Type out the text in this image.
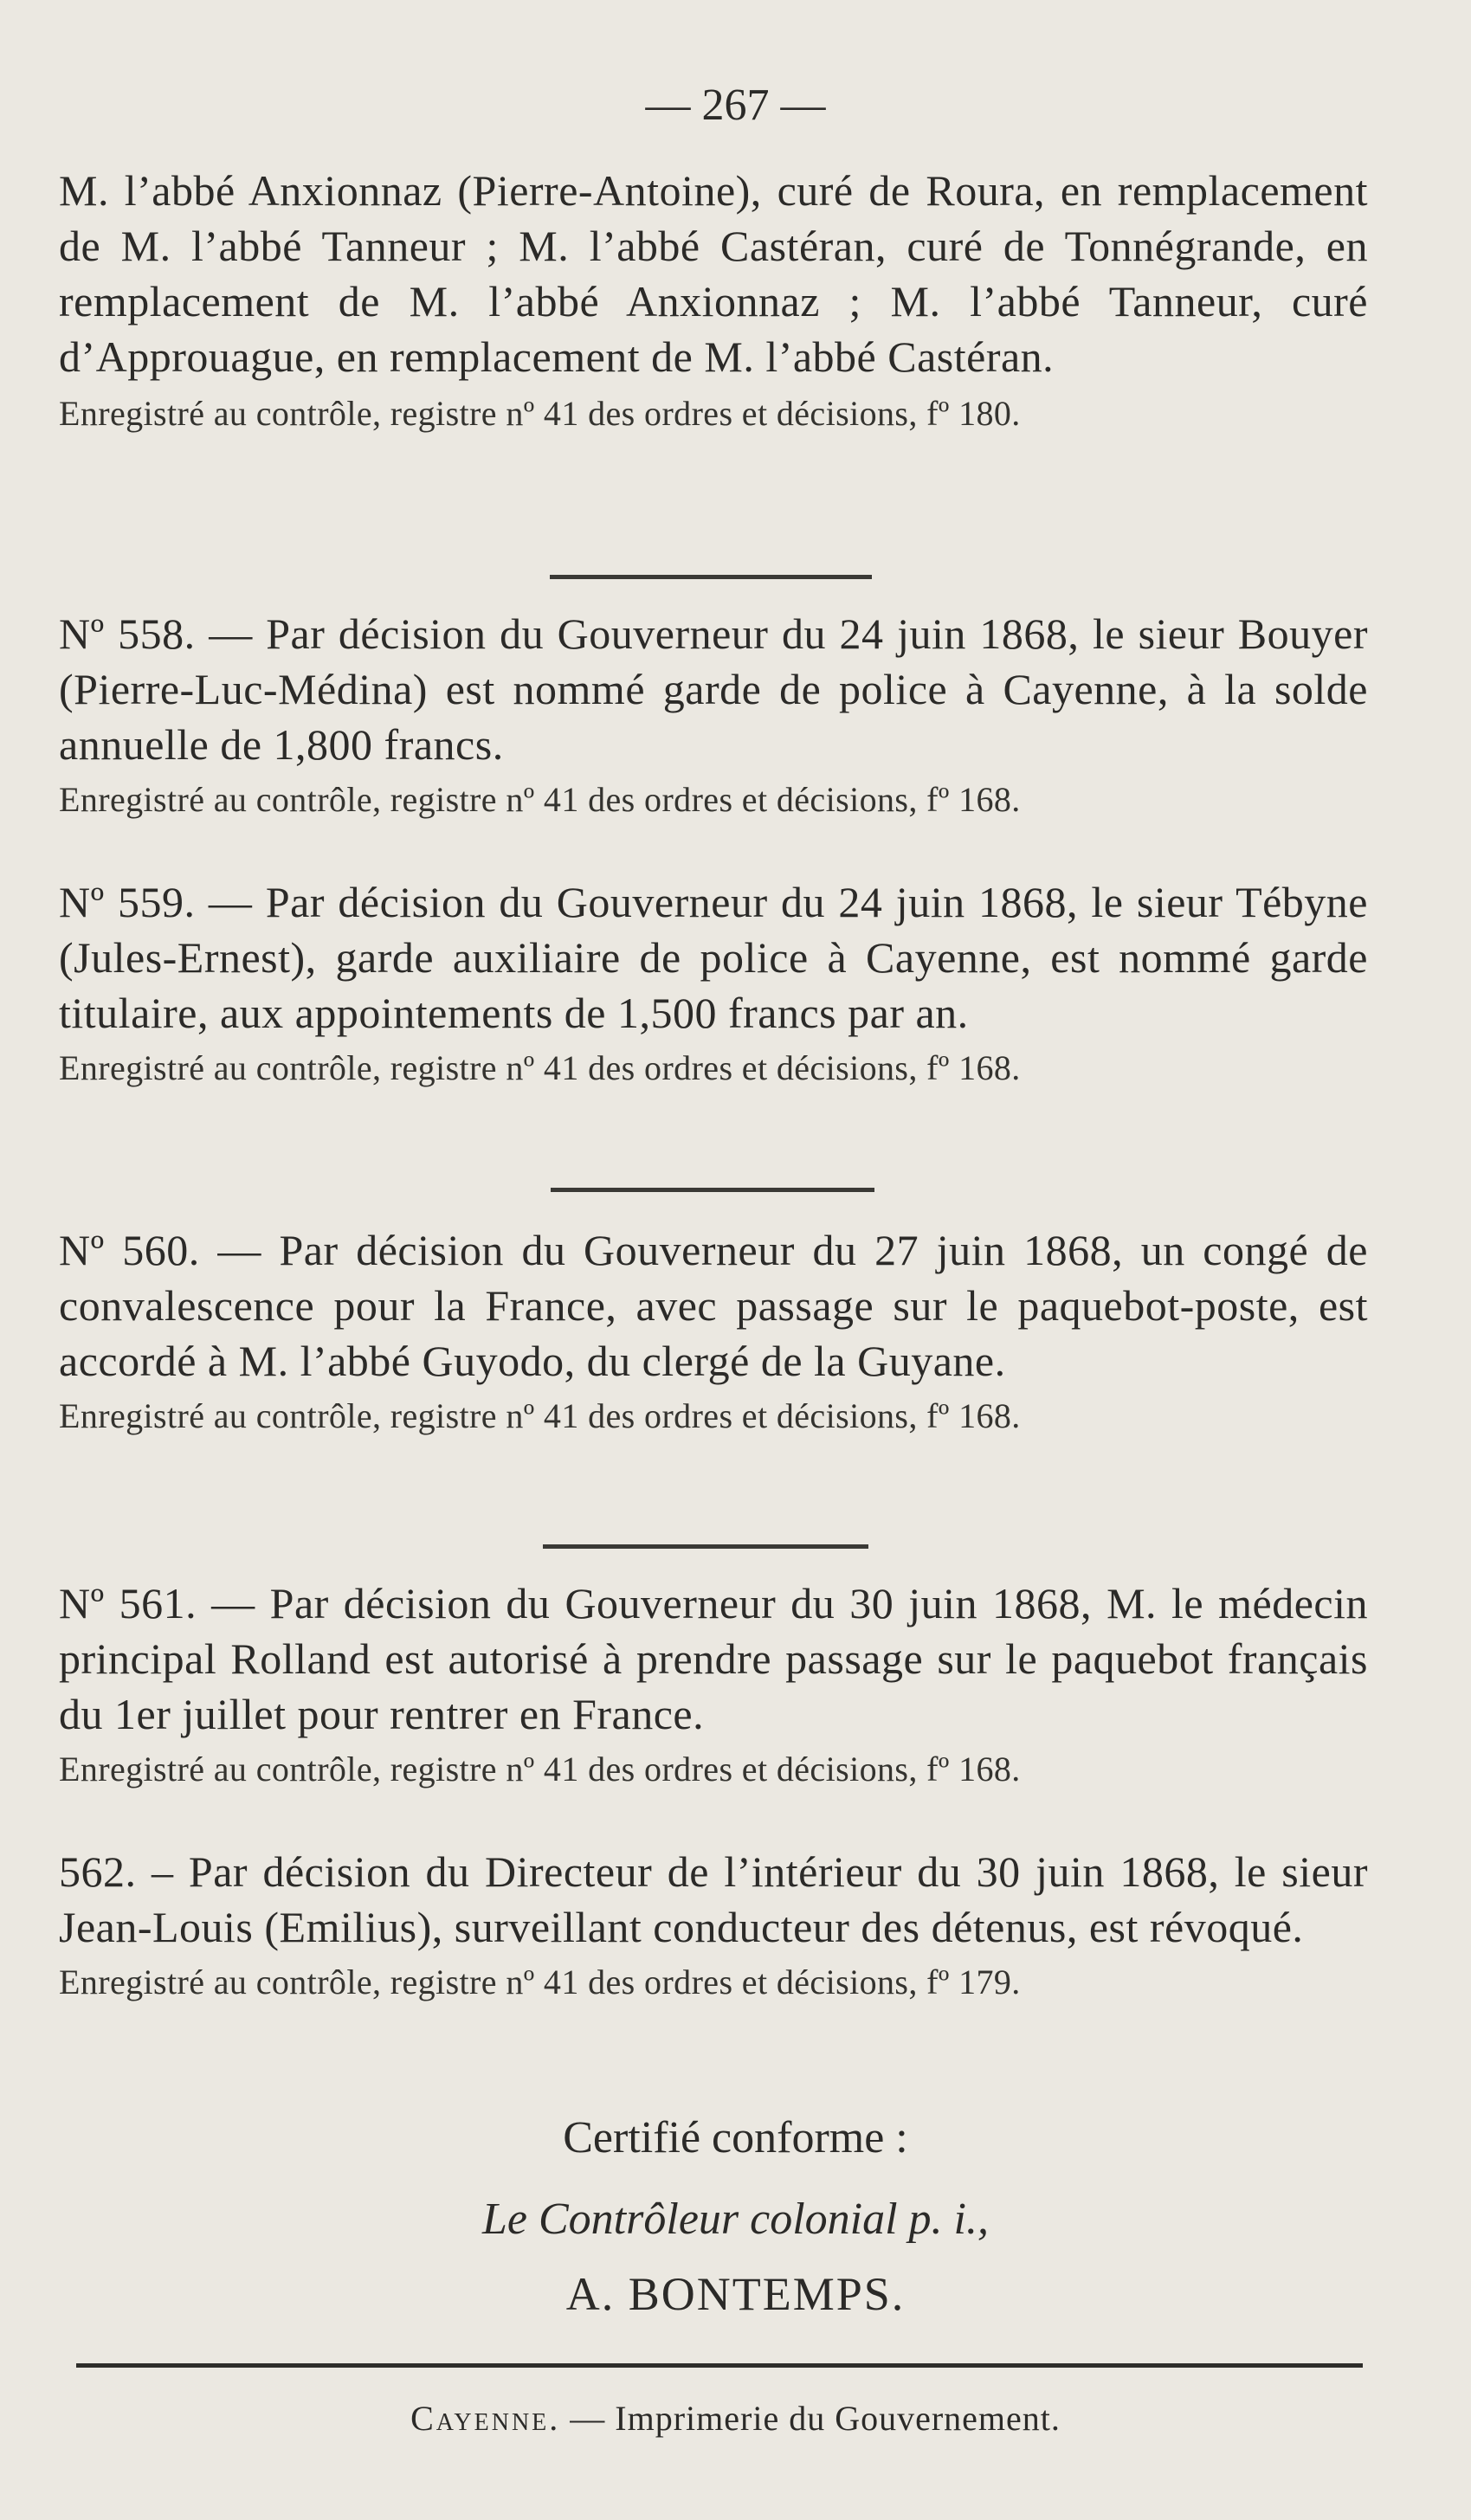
— 267 —

M. l’abbé Anxionnaz (Pierre-Antoine), curé de Roura, en remplacement de M. l’abbé Tanneur ; M. l’abbé Castéran, curé de Tonnégrande, en remplacement de M. l’abbé Anxionnaz ; M. l’abbé Tanneur, curé d’Approuague, en remplacement de M. l’abbé Castéran.

Enregistré au contrôle, registre nº 41 des ordres et décisions, fº 180.

Nº 558. — Par décision du Gouverneur du 24 juin 1868, le sieur Bouyer (Pierre-Luc-Médina) est nommé garde de police à Cayenne, à la solde annuelle de 1,800 francs.

Enregistré au contrôle, registre nº 41 des ordres et décisions, fº 168.

Nº 559. — Par décision du Gouverneur du 24 juin 1868, le sieur Tébyne (Jules-Ernest), garde auxiliaire de police à Cayenne, est nommé garde titulaire, aux appointements de 1,500 francs par an.

Enregistré au contrôle, registre nº 41 des ordres et décisions, fº 168.

Nº 560. — Par décision du Gouverneur du 27 juin 1868, un congé de convalescence pour la France, avec passage sur le paquebot-poste, est accordé à M. l’abbé Guyodo, du clergé de la Guyane.

Enregistré au contrôle, registre nº 41 des ordres et décisions, fº 168.

Nº 561. — Par décision du Gouverneur du 30 juin 1868, M. le médecin principal Rolland est autorisé à prendre passage sur le paquebot français du 1er juillet pour rentrer en France.

Enregistré au contrôle, registre nº 41 des ordres et décisions, fº 168.

562. – Par décision du Directeur de l’intérieur du 30 juin 1868, le sieur Jean-Louis (Emilius), surveillant conducteur des détenus, est révoqué.

Enregistré au contrôle, registre nº 41 des ordres et décisions, fº 179.

Certifié conforme :

Le Contrôleur colonial p. i.,

A. BONTEMPS.

Cayenne. — Imprimerie du Gouvernement.
